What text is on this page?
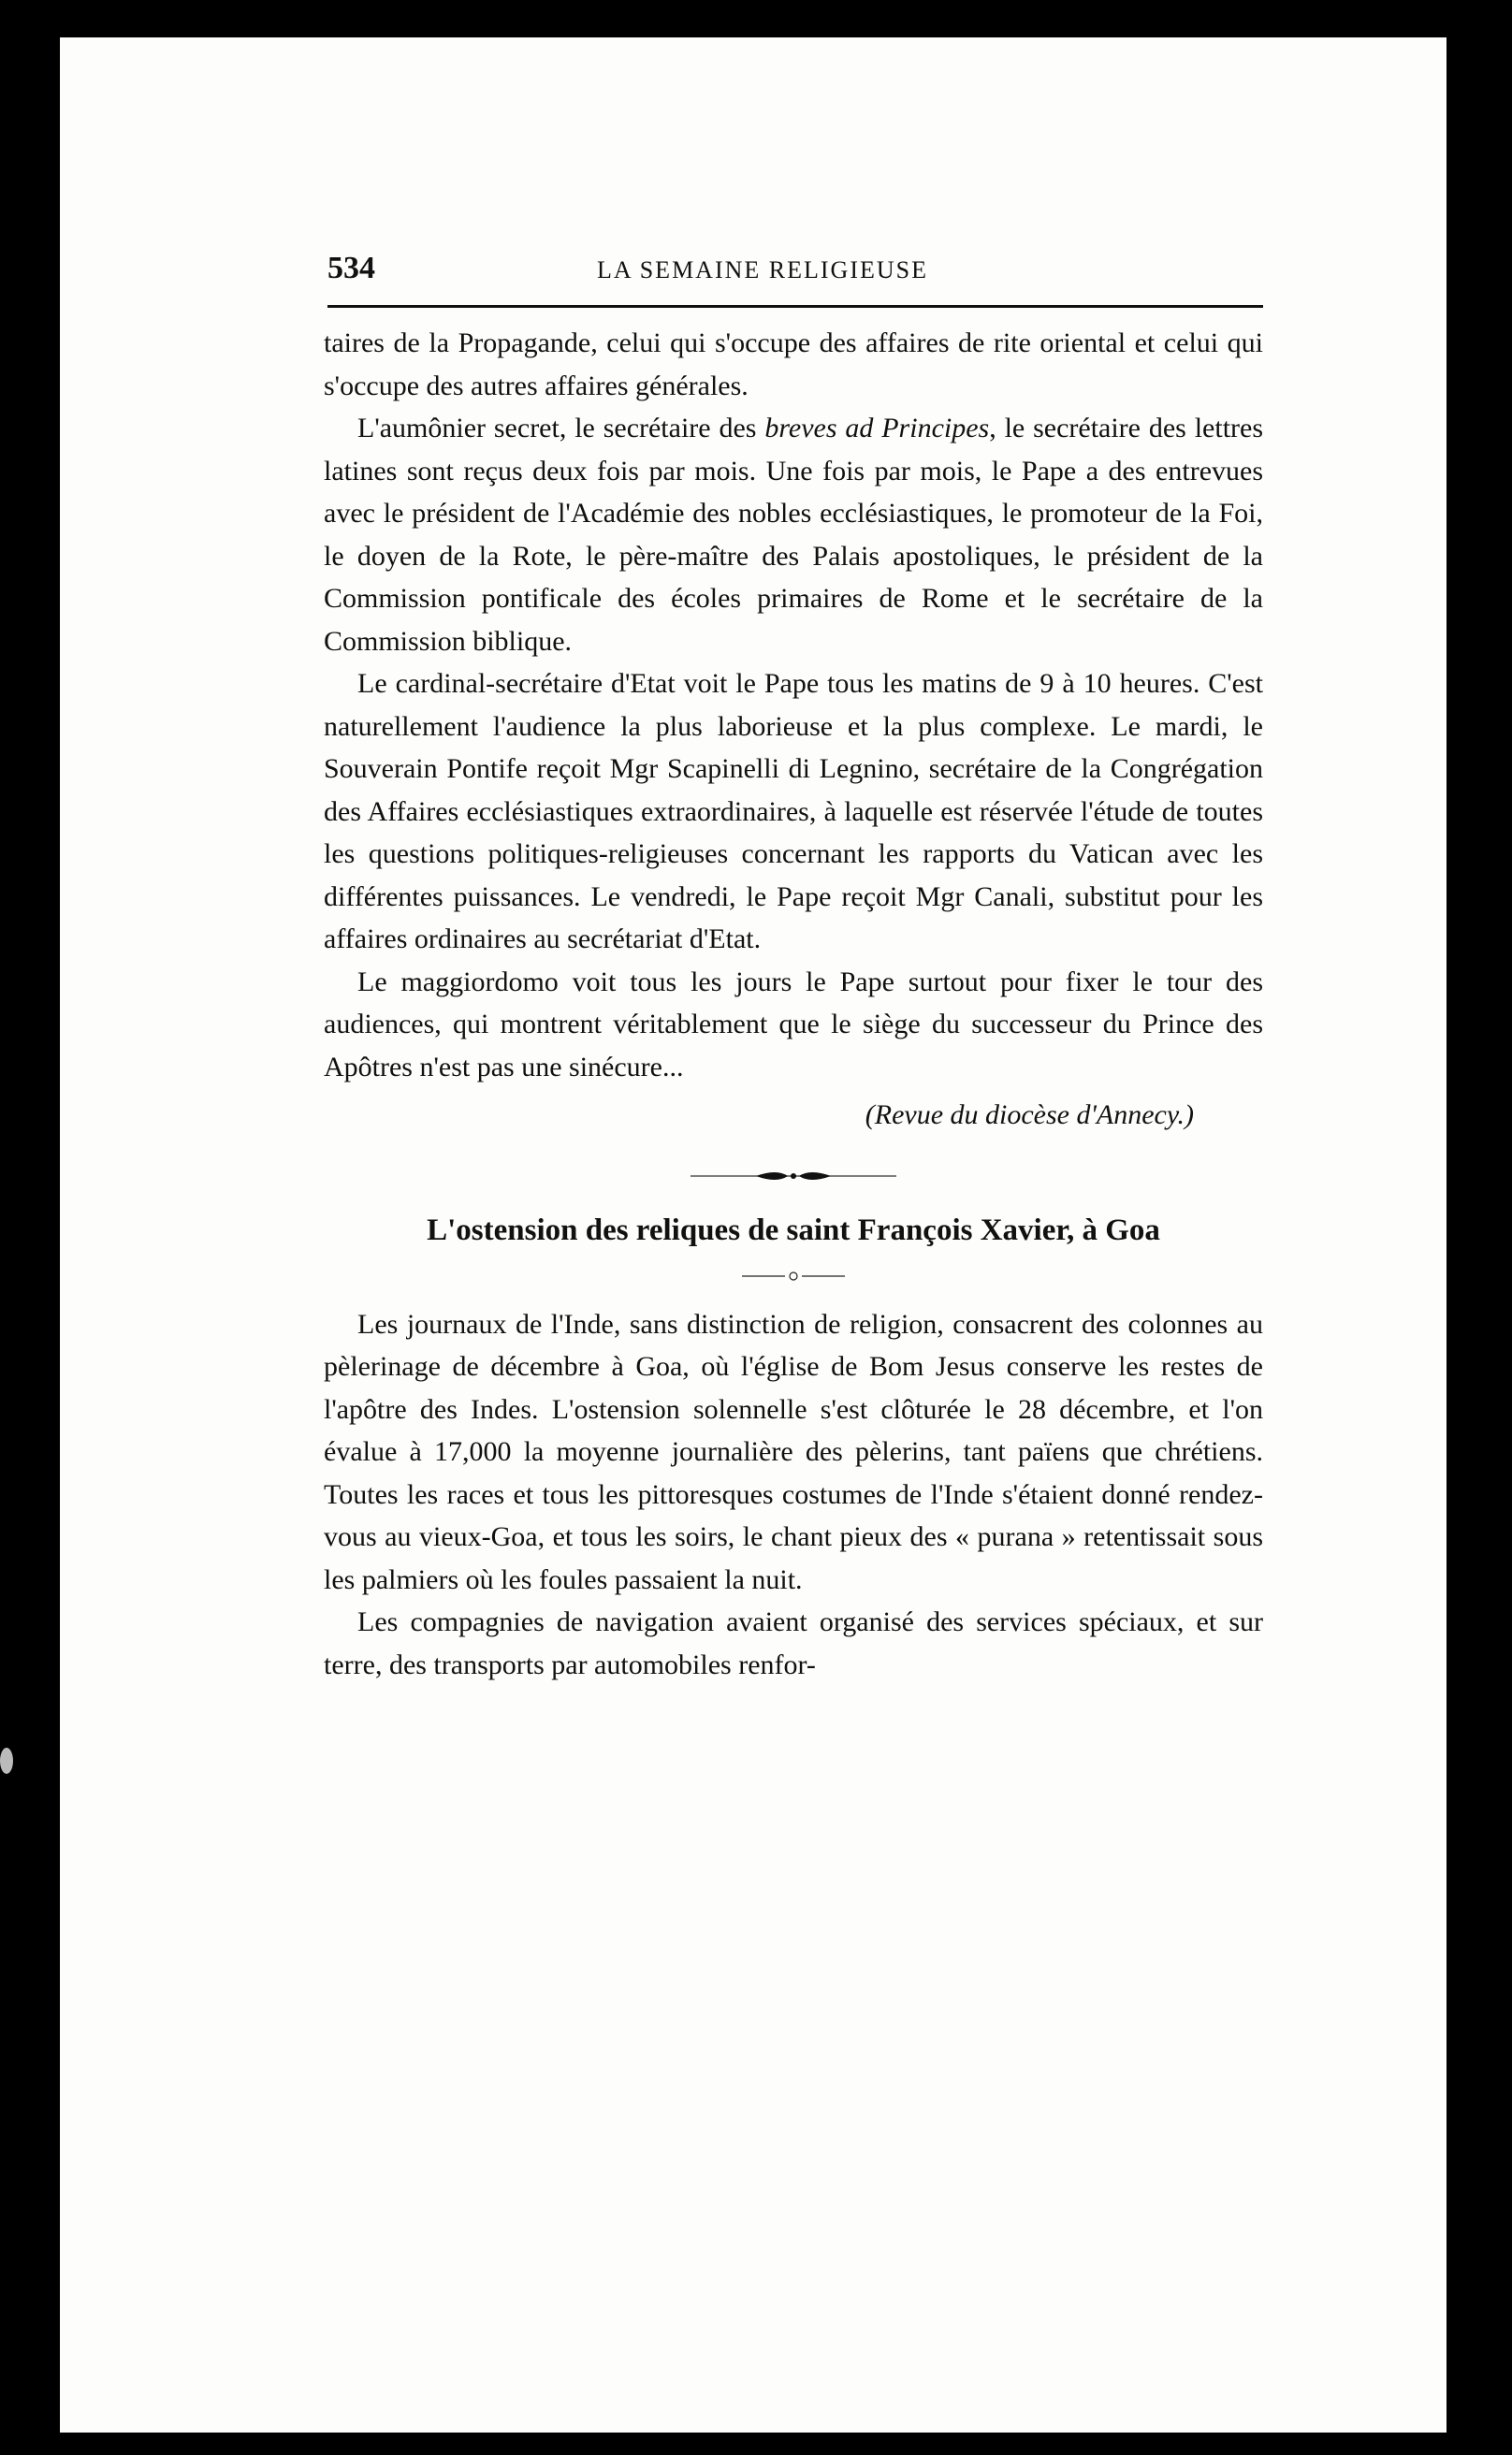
534	LA SEMAINE RELIGIEUSE

taires de la Propagande, celui qui s'occupe des affaires de rite oriental et celui qui s'occupe des autres affaires générales.

L'aumônier secret, le secrétaire des breves ad Principes, le secrétaire des lettres latines sont reçus deux fois par mois. Une fois par mois, le Pape a des entrevues avec le président de l'Académie des nobles ecclésiastiques, le promoteur de la Foi, le doyen de la Rote, le père-maître des Palais apostoliques, le président de la Commission pontificale des écoles primaires de Rome et le secrétaire de la Commission biblique.

Le cardinal-secrétaire d'Etat voit le Pape tous les matins de 9 à 10 heures. C'est naturellement l'audience la plus laborieuse et la plus complexe. Le mardi, le Souverain Pontife reçoit Mgr Scapinelli di Legnino, secrétaire de la Congrégation des Affaires ecclésiastiques extraordinaires, à laquelle est réservée l'étude de toutes les questions politiques-religieuses concernant les rapports du Vatican avec les différentes puissances. Le vendredi, le Pape reçoit Mgr Canali, substitut pour les affaires ordinaires au secrétariat d'Etat.

Le maggiordomo voit tous les jours le Pape surtout pour fixer le tour des audiences, qui montrent véritablement que le siège du successeur du Prince des Apôtres n'est pas une sinécure...

(Revue du diocèse d'Annecy.)

L'ostension des reliques de saint François Xavier, à Goa

Les journaux de l'Inde, sans distinction de religion, consacrent des colonnes au pèlerinage de décembre à Goa, où l'église de Bom Jesus conserve les restes de l'apôtre des Indes. L'ostension solennelle s'est clôturée le 28 décembre, et l'on évalue à 17,000 la moyenne journalière des pèlerins, tant païens que chrétiens. Toutes les races et tous les pittoresques costumes de l'Inde s'étaient donné rendez-vous au vieux-Goa, et tous les soirs, le chant pieux des « purana » retentissait sous les palmiers où les foules passaient la nuit.

Les compagnies de navigation avaient organisé des services spéciaux, et sur terre, des transports par automobiles renfor-
